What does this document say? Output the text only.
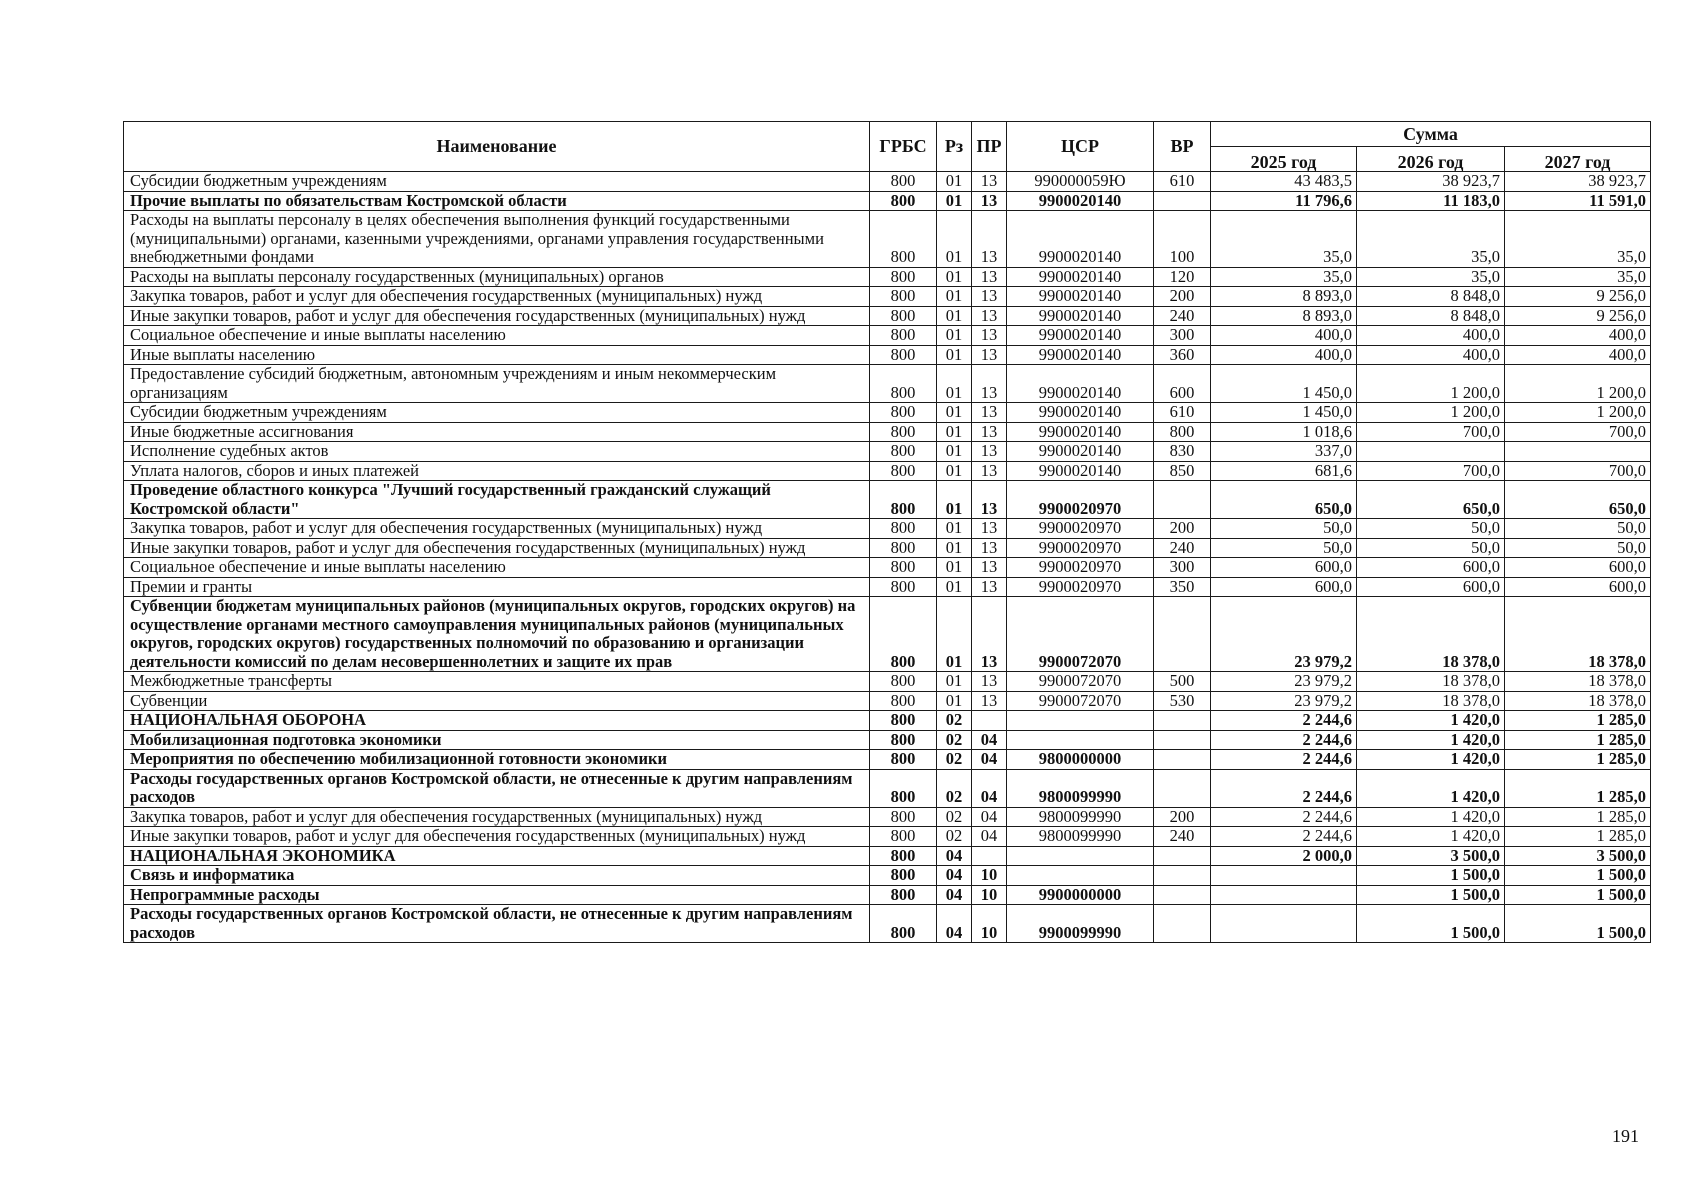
Наименование	ГРБС	Рз	ПР	ЦСР	ВР	Сумма		
						2025 год	2026 год	2027 год
Субсидии бюджетным учреждениям	800	01	13	990000059Ю	610	43 483,5	38 923,7	38 923,7
Прочие выплаты по обязательствам Костромской области	800	01	13	9900020140		11 796,6	11 183,0	11 591,0
Расходы на выплаты персоналу в целях обеспечения выполнения функций государственными (муниципальными) органами, казенными учреждениями, органами управления государственными внебюджетными фондами	800	01	13	9900020140	100	35,0	35,0	35,0
Расходы на выплаты персоналу государственных (муниципальных) органов	800	01	13	9900020140	120	35,0	35,0	35,0
Закупка товаров, работ и услуг для обеспечения государственных (муниципальных) нужд	800	01	13	9900020140	200	8 893,0	8 848,0	9 256,0
Иные закупки товаров, работ и услуг для обеспечения государственных (муниципальных) нужд	800	01	13	9900020140	240	8 893,0	8 848,0	9 256,0
Социальное обеспечение и иные выплаты населению	800	01	13	9900020140	300	400,0	400,0	400,0
Иные выплаты населению	800	01	13	9900020140	360	400,0	400,0	400,0
Предоставление субсидий бюджетным, автономным учреждениям и иным некоммерческим организациям	800	01	13	9900020140	600	1 450,0	1 200,0	1 200,0
Субсидии бюджетным учреждениям	800	01	13	9900020140	610	1 450,0	1 200,0	1 200,0
Иные бюджетные ассигнования	800	01	13	9900020140	800	1 018,6	700,0	700,0
Исполнение судебных актов	800	01	13	9900020140	830	337,0		
Уплата налогов, сборов и иных платежей	800	01	13	9900020140	850	681,6	700,0	700,0
Проведение областного конкурса "Лучший государственный гражданский служащий Костромской области"	800	01	13	9900020970		650,0	650,0	650,0
Закупка товаров, работ и услуг для обеспечения государственных (муниципальных) нужд	800	01	13	9900020970	200	50,0	50,0	50,0
Иные закупки товаров, работ и услуг для обеспечения государственных (муниципальных) нужд	800	01	13	9900020970	240	50,0	50,0	50,0
Социальное обеспечение и иные выплаты населению	800	01	13	9900020970	300	600,0	600,0	600,0
Премии и гранты	800	01	13	9900020970	350	600,0	600,0	600,0
Субвенции бюджетам муниципальных районов (муниципальных округов, городских округов) на осуществление органами местного самоуправления муниципальных районов (муниципальных округов, городских округов) государственных полномочий по образованию и организации деятельности комиссий по делам несовершеннолетних и защите их прав	800	01	13	9900072070		23 979,2	18 378,0	18 378,0
Межбюджетные трансферты	800	01	13	9900072070	500	23 979,2	18 378,0	18 378,0
Субвенции	800	01	13	9900072070	530	23 979,2	18 378,0	18 378,0
НАЦИОНАЛЬНАЯ ОБОРОНА	800	02				2 244,6	1 420,0	1 285,0
Мобилизационная подготовка экономики	800	02	04			2 244,6	1 420,0	1 285,0
Мероприятия по обеспечению мобилизационной готовности экономики	800	02	04	9800000000		2 244,6	1 420,0	1 285,0
Расходы государственных органов Костромской области, не отнесенные к другим направлениям расходов	800	02	04	9800099990		2 244,6	1 420,0	1 285,0
Закупка товаров, работ и услуг для обеспечения государственных (муниципальных) нужд	800	02	04	9800099990	200	2 244,6	1 420,0	1 285,0
Иные закупки товаров, работ и услуг для обеспечения государственных (муниципальных) нужд	800	02	04	9800099990	240	2 244,6	1 420,0	1 285,0
НАЦИОНАЛЬНАЯ ЭКОНОМИКА	800	04				2 000,0	3 500,0	3 500,0
Связь и информатика	800	04	10				1 500,0	1 500,0
Непрограммные расходы	800	04	10	9900000000			1 500,0	1 500,0
Расходы государственных органов Костромской области, не отнесенные к другим направлениям расходов	800	04	10	9900099990			1 500,0	1 500,0
191
